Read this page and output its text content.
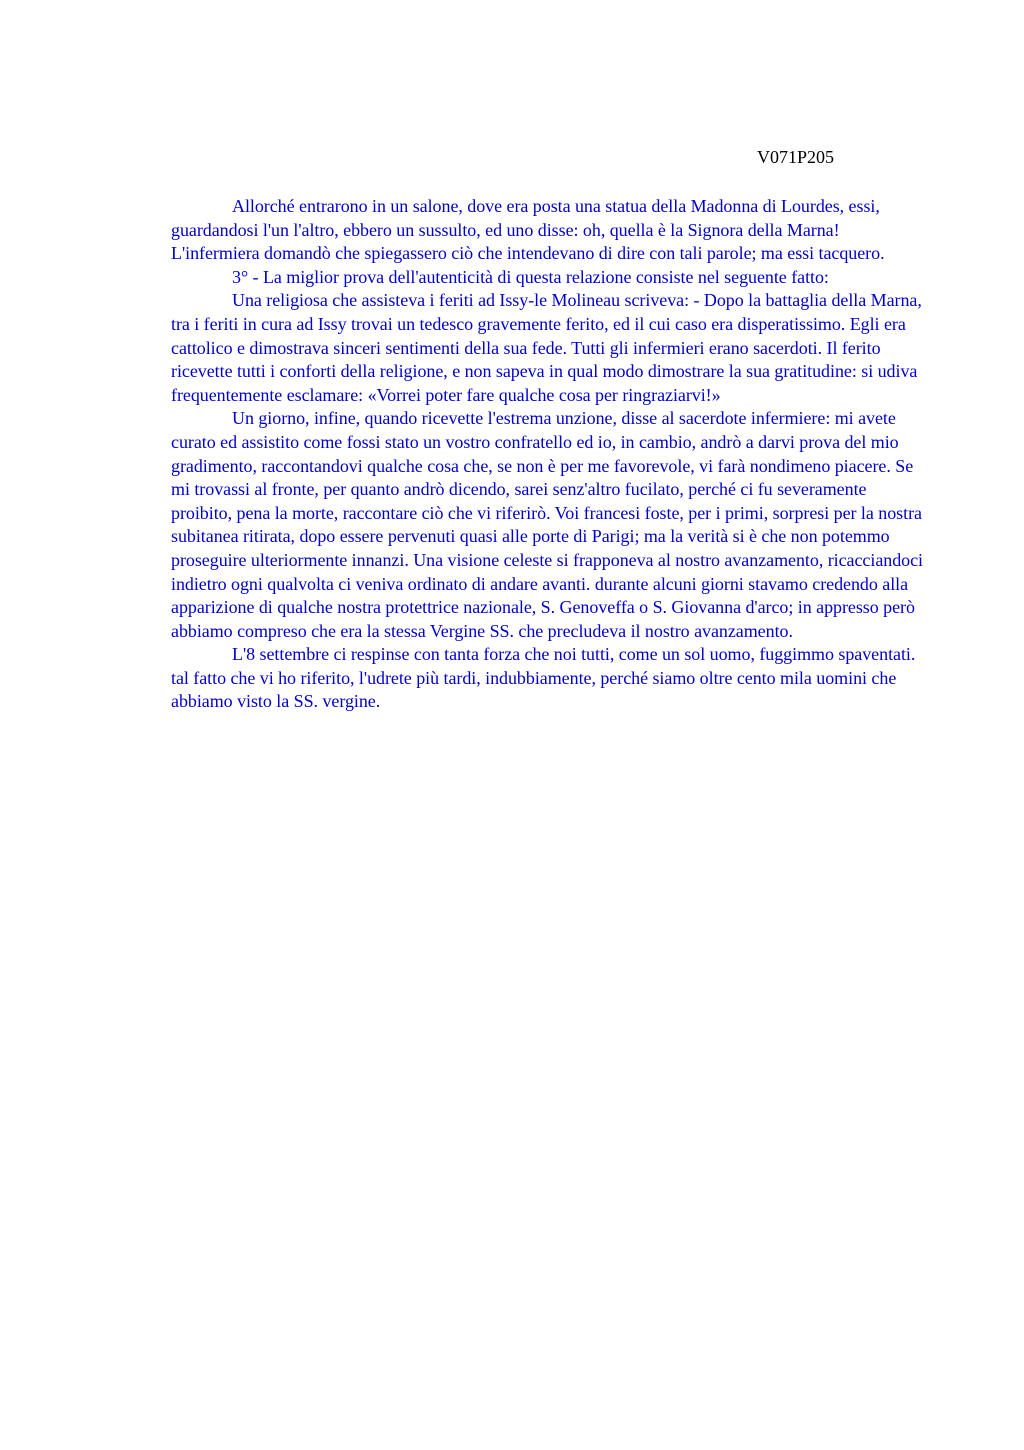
V071P205

Allorché entrarono in un salone, dove era posta una statua della Madonna di Lourdes, essi, guardandosi l'un l'altro, ebbero un sussulto, ed uno disse: oh, quella è la Signora della Marna! L'infermiera domandò che spiegassero ciò che intendevano di dire con tali parole; ma essi tacquero.

3° - La miglior prova dell'autenticità di questa relazione consiste nel seguente fatto:

Una religiosa che assisteva i feriti ad Issy-le Molineau scriveva: - Dopo la battaglia della Marna, tra i feriti in cura ad Issy trovai un tedesco gravemente ferito, ed il cui caso era disperatissimo. Egli era cattolico e dimostrava sinceri sentimenti della sua fede. Tutti gli infermieri erano sacerdoti. Il ferito ricevette tutti i conforti della religione, e non sapeva in qual modo dimostrare la sua gratitudine: si udiva frequentemente esclamare: «Vorrei poter fare qualche cosa per ringraziarvi!»

Un giorno, infine, quando ricevette l'estrema unzione, disse al sacerdote infermiere: mi avete curato ed assistito come fossi stato un vostro confratello ed io, in cambio, andrò a darvi prova del mio gradimento, raccontandovi qualche cosa che, se non è per me favorevole, vi farà nondimeno piacere. Se mi trovassi al fronte, per quanto andrò dicendo, sarei senz'altro fucilato, perché ci fu severamente proibito, pena la morte, raccontare ciò che vi riferirò. Voi francesi foste, per i primi, sorpresi per la nostra subitanea ritirata, dopo essere pervenuti quasi alle porte di Parigi; ma la verità si è che non potemmo proseguire ulteriormente innanzi. Una visione celeste si frapponeva al nostro avanzamento, ricacciandoci indietro ogni qualvolta ci veniva ordinato di andare avanti. durante alcuni giorni stavamo credendo alla apparizione di qualche nostra protettrice nazionale, S. Genoveffa o S. Giovanna d'arco; in appresso però abbiamo compreso che era la stessa Vergine SS. che precludeva il nostro avanzamento.

L'8 settembre ci respinse con tanta forza che noi tutti, come un sol uomo, fuggimmo spaventati. tal fatto che vi ho riferito, l'udrete più tardi, indubbiamente, perché siamo oltre cento mila uomini che abbiamo visto la SS. vergine.
